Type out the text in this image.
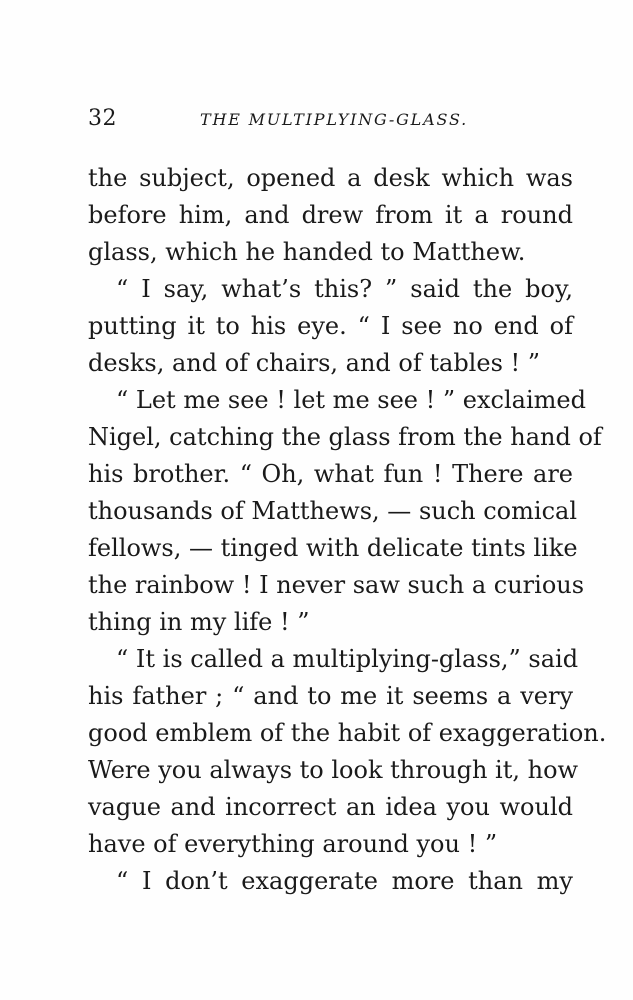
32	THE MULTIPLYING-GLASS.
the subject, opened a desk which was
before him, and drew from it a round
glass, which he handed to Matthew.
“ I say, what’s this? ” said the boy,
putting it to his eye. “ I see no end of
desks, and of chairs, and of tables ! ”
“ Let me see ! let me see ! ” exclaimed
Nigel, catching the glass from the hand of
his brother. “ Oh, what fun ! There are
thousands of Matthews, — such comical
fellows, — tinged with delicate tints like
the rainbow ! I never saw such a curious
thing in my life ! ”
“ It is called a multiplying-glass,” said
his father ; “ and to me it seems a very
good emblem of the habit of exaggeration.
Were you always to look through it, how
vague and incorrect an idea you would
have of everything around you ! ”
“ I don’t exaggerate more than my
